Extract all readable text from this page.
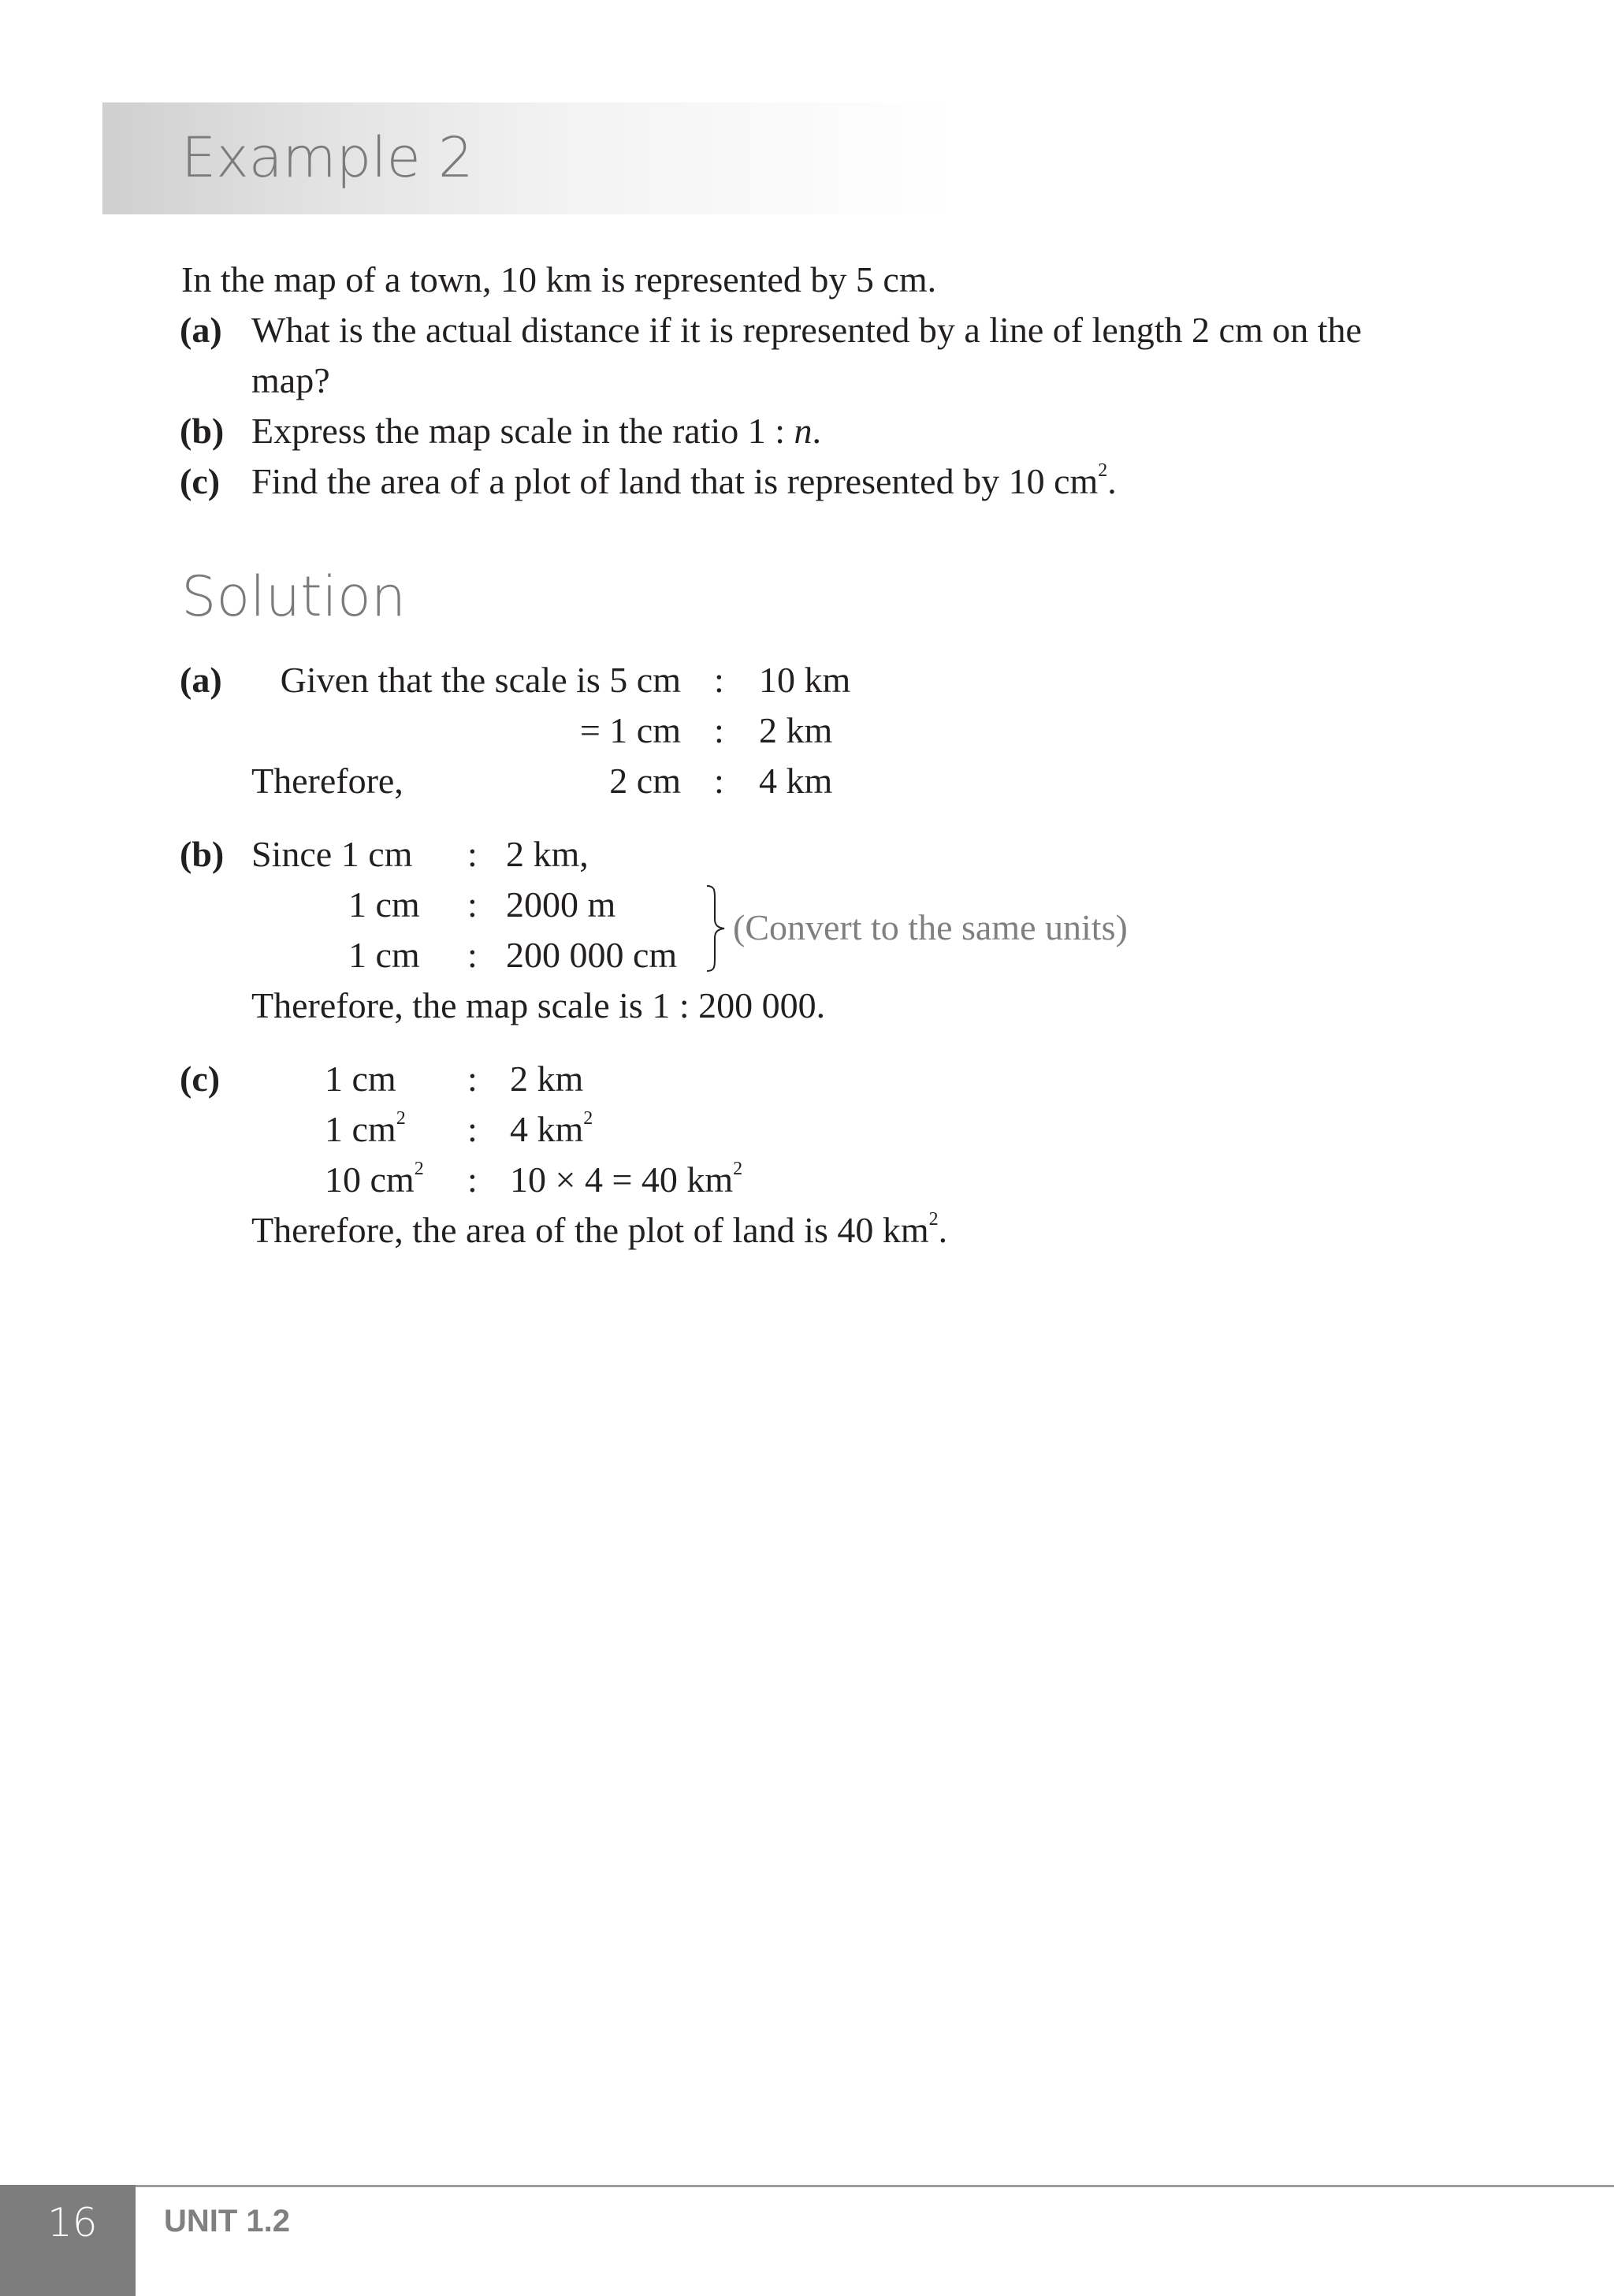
Example 2
In the map of a town, 10 km is represented by 5 cm.
(a) What is the actual distance if it is represented by a line of length 2 cm on the
map?
(b) Express the map scale in the ratio 1 : n.
(c) Find the area of a plot of land that is represented by 10 $cm^2$.
Solution
(a)	Given that the scale is 5 cm : 10 km
= 1 cm : 2 km
Therefore,	2 cm : 4 km
(b) Since 1 cm : 2 km,
1 cm : 2000 m
1 cm : 200 000 cm
(Convert to the same units)
Therefore, the map scale is 1 : 200 000.
(c)	1 cm : 2 km
1 $cm^2$ : 4 $km^2$
10 $cm^2$ : 10 × 4 = 40 $km^2$
Therefore, the area of the plot of land is 40 $km^2$.
16 UNIT 1.2
